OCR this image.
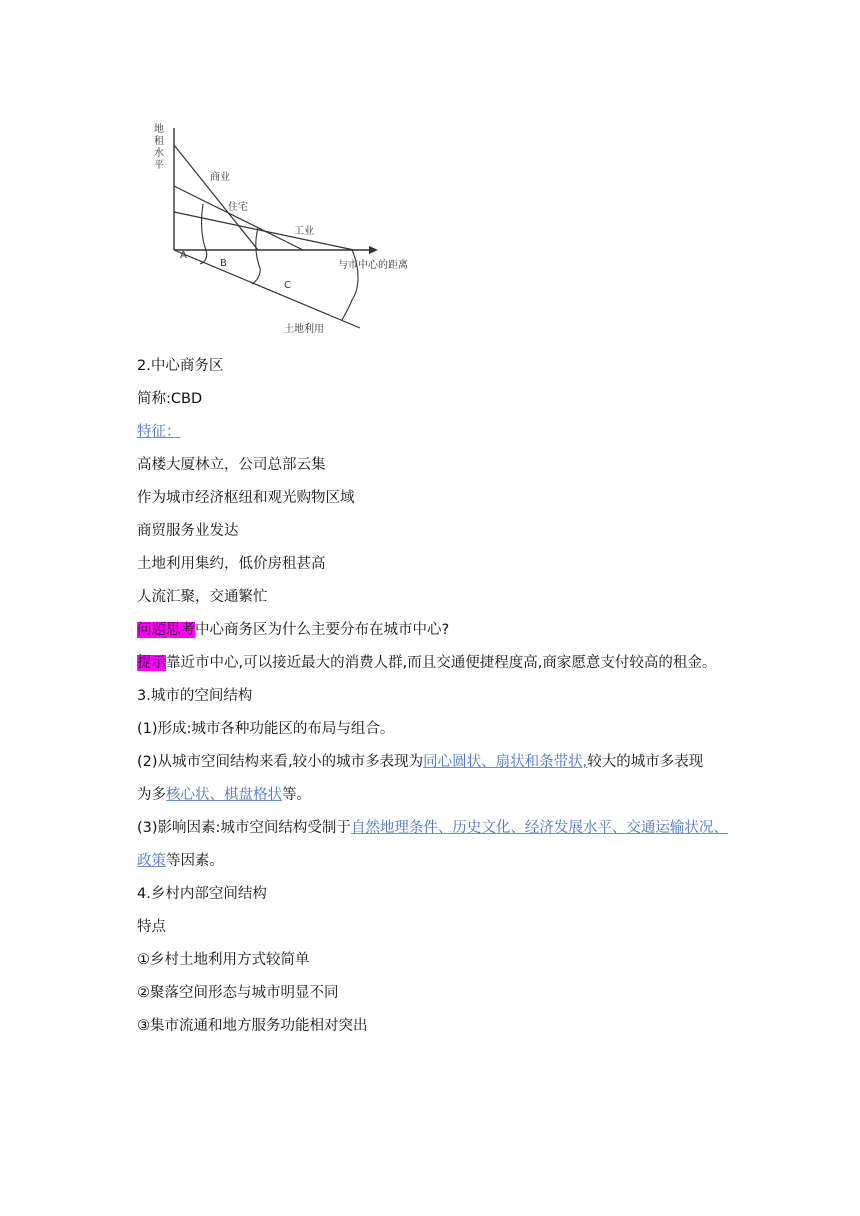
地
租
水
平
商业
住宅
工业
与市中心的距离
A
B
C
土地利用

2.中心商务区

简称:CBD

特征：

高楼大厦林立，公司总部云集

作为城市经济枢纽和观光购物区域

商贸服务业发达

土地利用集约，低价房租甚高

人流汇聚，交通繁忙

问题思考中心商务区为什么主要分布在城市中心?

提示靠近市中心,可以接近最大的消费人群,而且交通便捷程度高,商家愿意支付较高的租金。

3.城市的空间结构

(1)形成:城市各种功能区的布局与组合。

(2)从城市空间结构来看,较小的城市多表现为同心圆状、扇状和条带状,较大的城市多表现

为多核心状、棋盘格状等。

(3)影响因素:城市空间结构受制于自然地理条件、历史文化、经济发展水平、交通运输状况、

政策等因素。

4.乡村内部空间结构

特点

①乡村土地利用方式较简单

②聚落空间形态与城市明显不同

③集市流通和地方服务功能相对突出
